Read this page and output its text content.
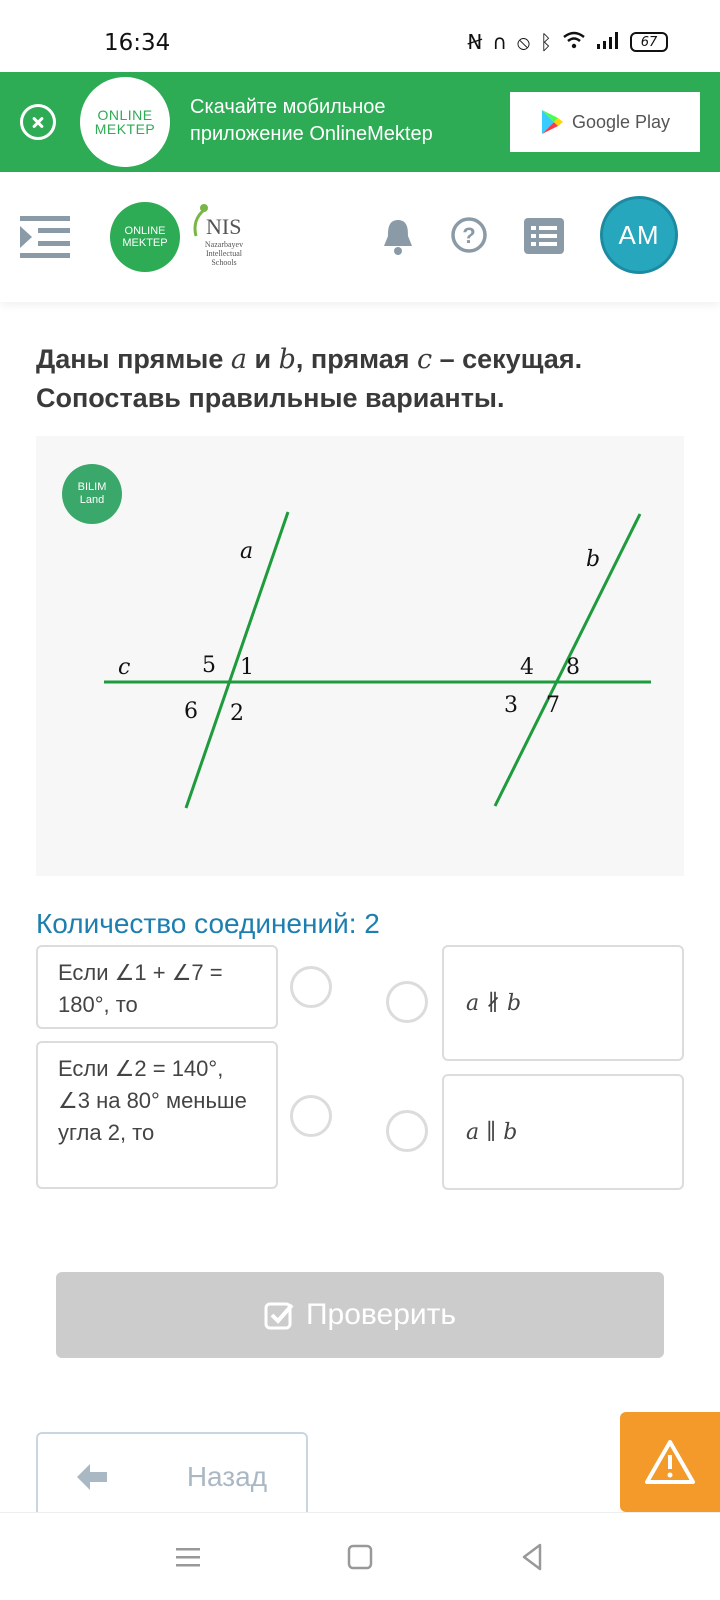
16:34	Ꞥ ∩ ⦸ ᛒ	67
ONLINE
MEKTEP
Скачайте мобильное приложение OnlineMektep
Google Play
ONLINE
MEKTEP
NIS
Nazarbayev Intellectual Schools
?	AM
Даны прямые a и b, прямая c – секущая. Сопоставь правильные варианты.
BILIM
Land
a	b
c	5 1
6 2
4 8
3 7
Количество соединений: 2
Если ∠1 + ∠7 = 180°, то
Если ∠2 = 140°, ∠3 на 80° меньше угла 2, то
a ∦ b
a ∥ b
Проверить
Назад
